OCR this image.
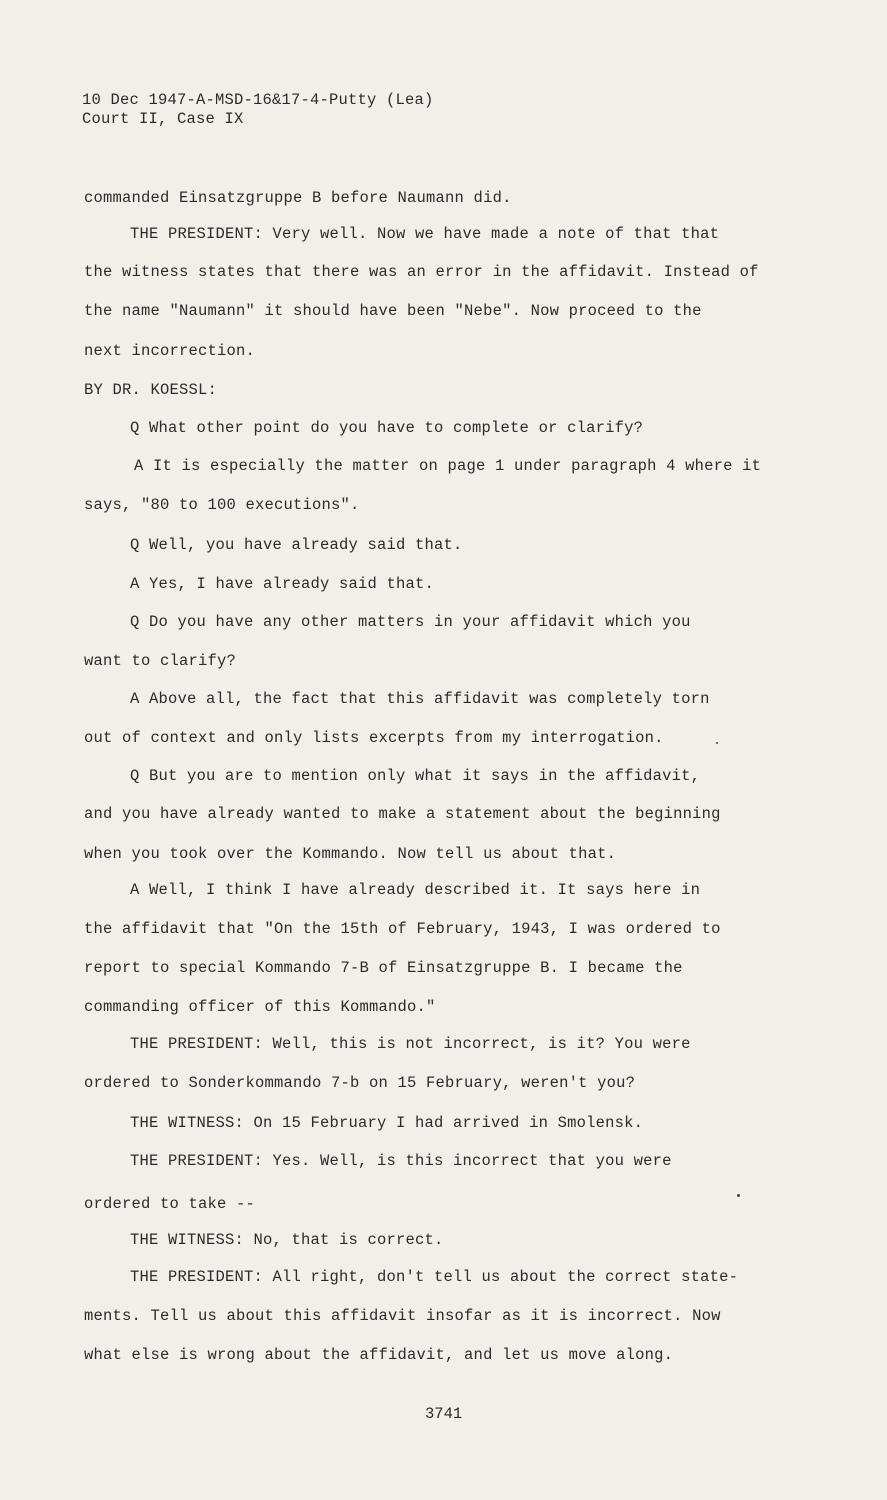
10 Dec 1947-A-MSD-16&17-4-Putty (Lea)
Court II, Case IX
commanded Einsatzgruppe B before Naumann did.
THE PRESIDENT: Very well. Now we have made a note of that that
the witness states that there was an error in the affidavit. Instead of
the name "Naumann" it should have been "Nebe". Now proceed to the
next incorrection.
BY DR. KOESSL:
Q What other point do you have to complete or clarify?
A It is especially the matter on page 1 under paragraph 4 where it
says, "80 to 100 executions".
Q Well, you have already said that.
A Yes, I have already said that.
Q Do you have any other matters in your affidavit which you
want to clarify?
A Above all, the fact that this affidavit was completely torn
out of context and only lists excerpts from my interrogation.
Q But you are to mention only what it says in the affidavit,
and you have already wanted to make a statement about the beginning
when you took over the Kommando. Now tell us about that.
A Well, I think I have already described it. It says here in
the affidavit that "On the 15th of February, 1943, I was ordered to
report to special Kommando 7-B of Einsatzgruppe B. I became the
commanding officer of this Kommando."
THE PRESIDENT: Well, this is not incorrect, is it? You were
ordered to Sonderkommando 7-b on 15 February, weren't you?
THE WITNESS: On 15 February I had arrived in Smolensk.
THE PRESIDENT: Yes. Well, is this incorrect that you were
ordered to take --
THE WITNESS: No, that is correct.
THE PRESIDENT: All right, don't tell us about the correct state-
ments. Tell us about this affidavit insofar as it is incorrect. Now
what else is wrong about the affidavit, and let us move along.
3741
